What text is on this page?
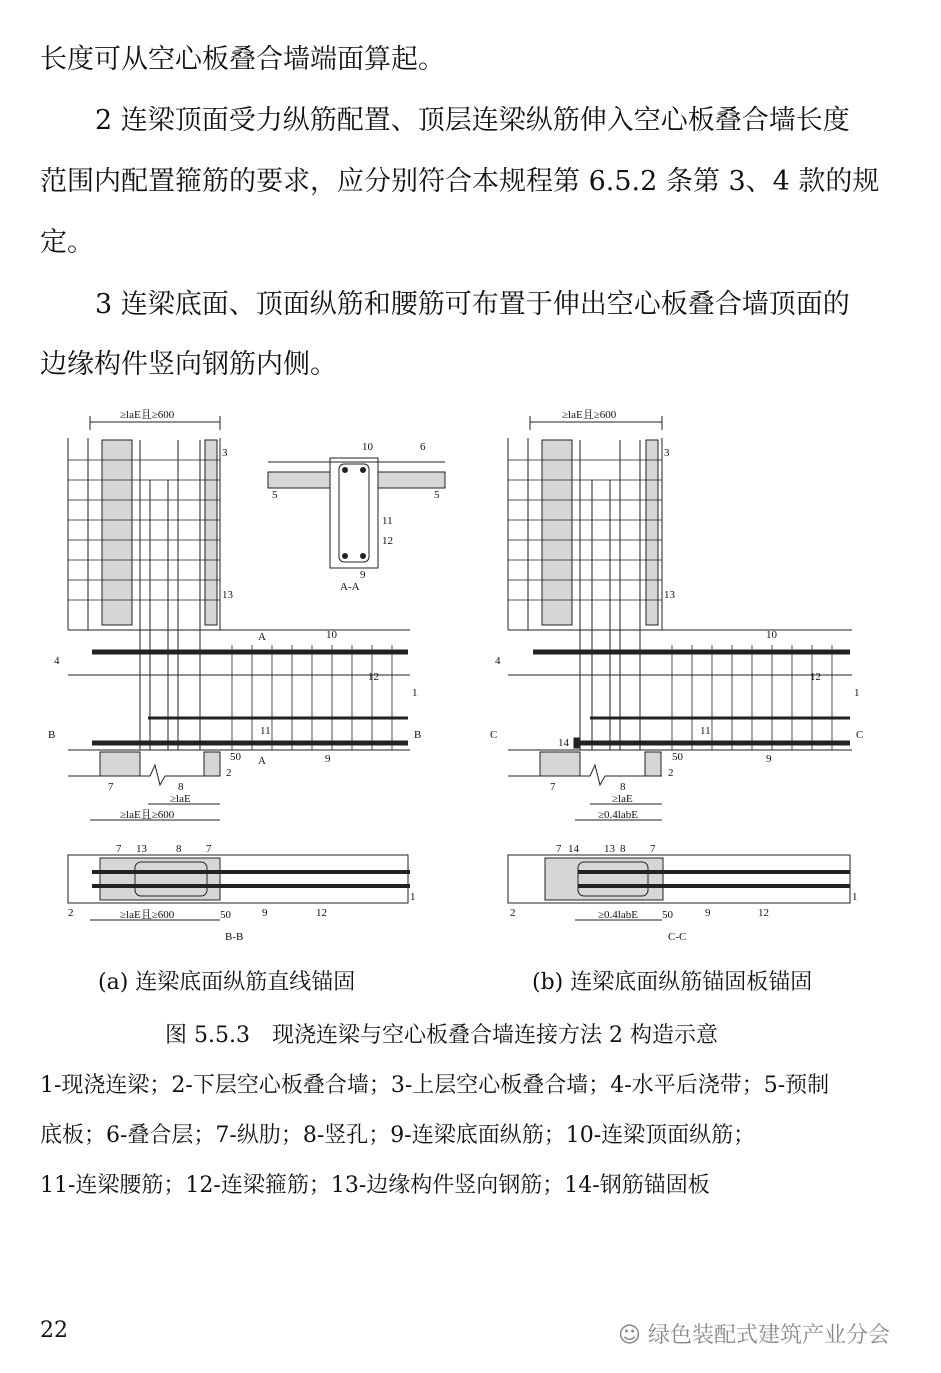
长度可从空心板叠合墙端面算起。
2 连梁顶面受力纵筋配置、顶层连梁纵筋伸入空心板叠合墙长度
范围内配置箍筋的要求，应分别符合本规程第 6.5.2 条第 3、4 款的规
定。
3 连梁底面、顶面纵筋和腰筋可布置于伸出空心板叠合墙顶面的
边缘构件竖向钢筋内侧。
≥laE且≥600	≥laE且≥600
A-A
B-B	C-C
A
A
B	B	C	C
≥laE
≥laE且≥600
≥laE且≥600
≥laE
≥0.4labE
≥0.4labE
50
50
50
50
1
2
3
4
5	5
6
7	8
9
9
10
10
11
11
12
12
13
13
7	8 7
2	9	12
1
1
2
3
4
7	8
9
10
11
12
13
14
7 14 13 8 7
2	9	12
1
(a) 连梁底面纵筋直线锚固	(b) 连梁底面纵筋锚固板锚固
图 5.5.3　现浇连梁与空心板叠合墙连接方法 2 构造示意
1-现浇连梁；2-下层空心板叠合墙；3-上层空心板叠合墙；4-水平后浇带；5-预制
底板；6-叠合层；7-纵肋；8-竖孔；9-连梁底面纵筋；10-连梁顶面纵筋；
11-连梁腰筋；12-连梁箍筋；13-边缘构件竖向钢筋；14-钢筋锚固板
22	☺ 绿色装配式建筑产业分会
